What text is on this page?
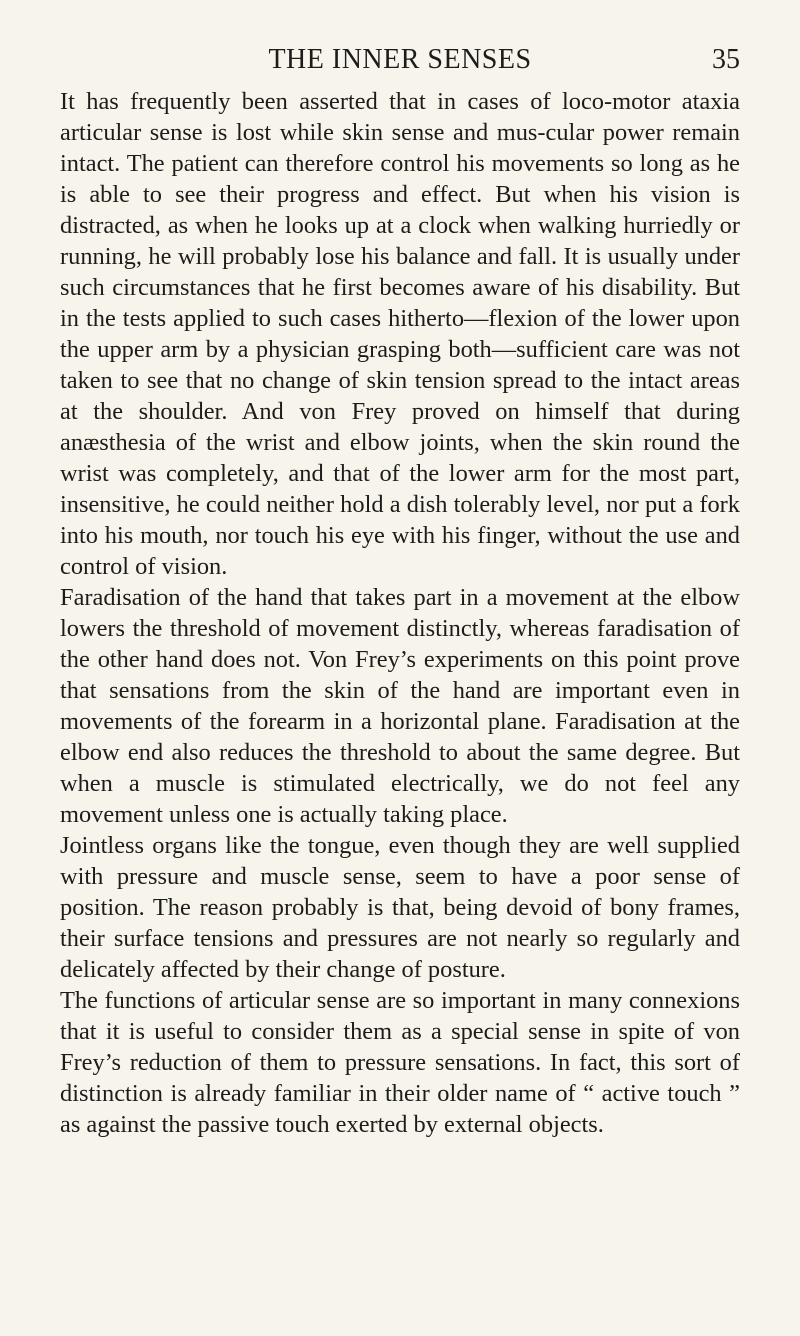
THE INNER SENSES	35

It has frequently been asserted that in cases of loco-motor ataxia articular sense is lost while skin sense and mus-cular power remain intact. The patient can therefore control his movements so long as he is able to see their progress and effect. But when his vision is distracted, as when he looks up at a clock when walking hurriedly or running, he will probably lose his balance and fall. It is usually under such circumstances that he first becomes aware of his disability. But in the tests applied to such cases hitherto—flexion of the lower upon the upper arm by a physician grasping both—sufficient care was not taken to see that no change of skin tension spread to the intact areas at the shoulder. And von Frey proved on himself that during anæsthesia of the wrist and elbow joints, when the skin round the wrist was completely, and that of the lower arm for the most part, insensitive, he could neither hold a dish tolerably level, nor put a fork into his mouth, nor touch his eye with his finger, without the use and control of vision.

Faradisation of the hand that takes part in a movement at the elbow lowers the threshold of movement distinctly, whereas faradisation of the other hand does not. Von Frey’s experiments on this point prove that sensations from the skin of the hand are important even in movements of the forearm in a horizontal plane. Faradisation at the elbow end also reduces the threshold to about the same degree. But when a muscle is stimulated electrically, we do not feel any movement unless one is actually taking place.

Jointless organs like the tongue, even though they are well supplied with pressure and muscle sense, seem to have a poor sense of position. The reason probably is that, being devoid of bony frames, their surface tensions and pressures are not nearly so regularly and delicately affected by their change of posture.

The functions of articular sense are so important in many connexions that it is useful to consider them as a special sense in spite of von Frey’s reduction of them to pressure sensations. In fact, this sort of distinction is already familiar in their older name of “ active touch ” as against the passive touch exerted by external objects.
